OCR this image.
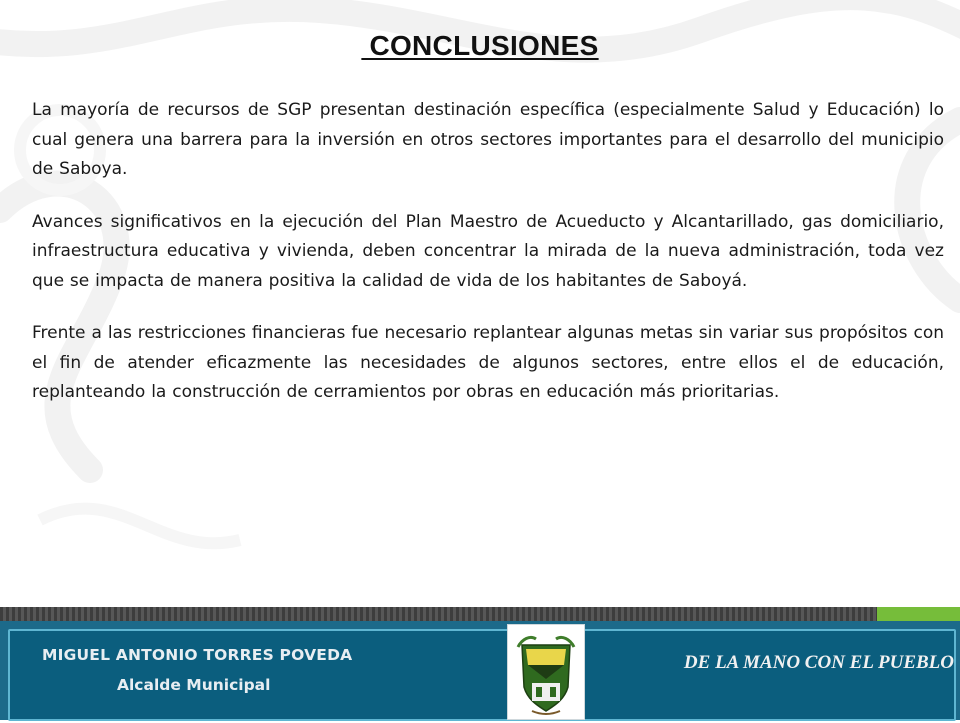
CONCLUSIONES

La mayoría de recursos de SGP presentan destinación específica (especialmente Salud y Educación) lo cual genera una barrera para la inversión en otros sectores importantes para el desarrollo del municipio de Saboya.

Avances significativos en la ejecución del Plan Maestro de Acueducto y Alcantarillado, gas domiciliario, infraestructura educativa y vivienda, deben concentrar la mirada de la nueva administración, toda vez que se impacta de manera positiva la calidad de vida de los habitantes de Saboyá.

Frente a las restricciones financieras fue necesario replantear algunas metas sin variar sus propósitos con el fin de atender eficazmente las necesidades de algunos sectores, entre ellos el de educación, replanteando la construcción de cerramientos por obras en educación más prioritarias.

MIGUEL ANTONIO TORRES POVEDA
Alcalde Municipal
DE LA MANO CON EL PUEBLO
